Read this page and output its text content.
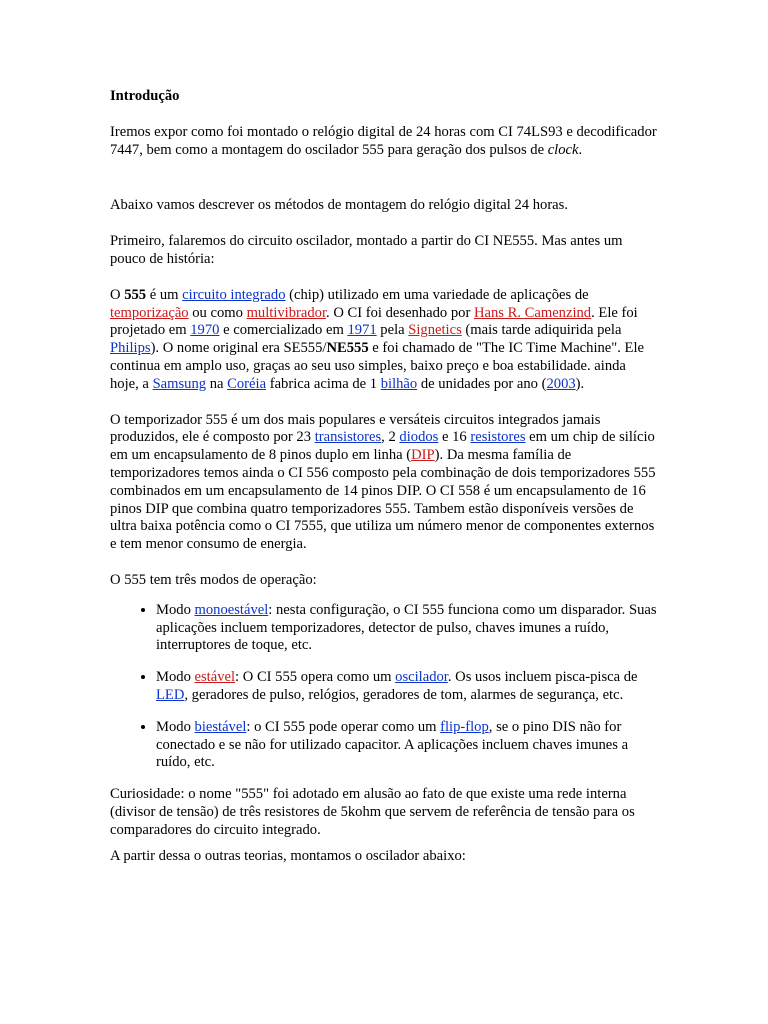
Introdução

Iremos expor como foi montado o relógio digital de 24 horas com CI 74LS93 e decodificador 7447, bem como a montagem do oscilador 555 para geração dos pulsos de clock.

Abaixo vamos descrever os métodos de montagem do relógio digital 24 horas.

Primeiro, falaremos do circuito oscilador, montado a partir do CI NE555. Mas antes um pouco de história:

O 555 é um circuito integrado (chip) utilizado em uma variedade de aplicações de temporização ou como multivibrador. O CI foi desenhado por Hans R. Camenzind. Ele foi projetado em 1970 e comercializado em 1971 pela Signetics (mais tarde adiquirida pela Philips). O nome original era SE555/NE555 e foi chamado de "The IC Time Machine". Ele continua em amplo uso, graças ao seu uso simples, baixo preço e boa estabilidade. ainda hoje, a Samsung na Coréia fabrica acima de 1 bilhão de unidades por ano (2003).

O temporizador 555 é um dos mais populares e versáteis circuitos integrados jamais produzidos, ele é composto por 23 transistores, 2 diodos e 16 resistores em um chip de silício em um encapsulamento de 8 pinos duplo em linha (DIP). Da mesma família de temporizadores temos ainda o CI 556 composto pela combinação de dois temporizadores 555 combinados em um encapsulamento de 14 pinos DIP. O CI 558 é um encapsulamento de 16 pinos DIP que combina quatro temporizadores 555. Tambem estão disponíveis versões de ultra baixa potência como o CI 7555, que utiliza um número menor de componentes externos e tem menor consumo de energia.

O 555 tem três modos de operação:

• Modo monoestável: nesta configuração, o CI 555 funciona como um disparador. Suas aplicações incluem temporizadores, detector de pulso, chaves imunes a ruído, interruptores de toque, etc.
• Modo estável: O CI 555 opera como um oscilador. Os usos incluem pisca-pisca de LED, geradores de pulso, relógios, geradores de tom, alarmes de segurança, etc.
• Modo biestável: o CI 555 pode operar como um flip-flop, se o pino DIS não for conectado e se não for utilizado capacitor. A aplicações incluem chaves imunes a ruído, etc.

Curiosidade: o nome "555" foi adotado em alusão ao fato de que existe uma rede interna (divisor de tensão) de três resistores de 5kohm que servem de referência de tensão para os comparadores do circuito integrado.

A partir dessa o outras teorias, montamos o oscilador abaixo:
